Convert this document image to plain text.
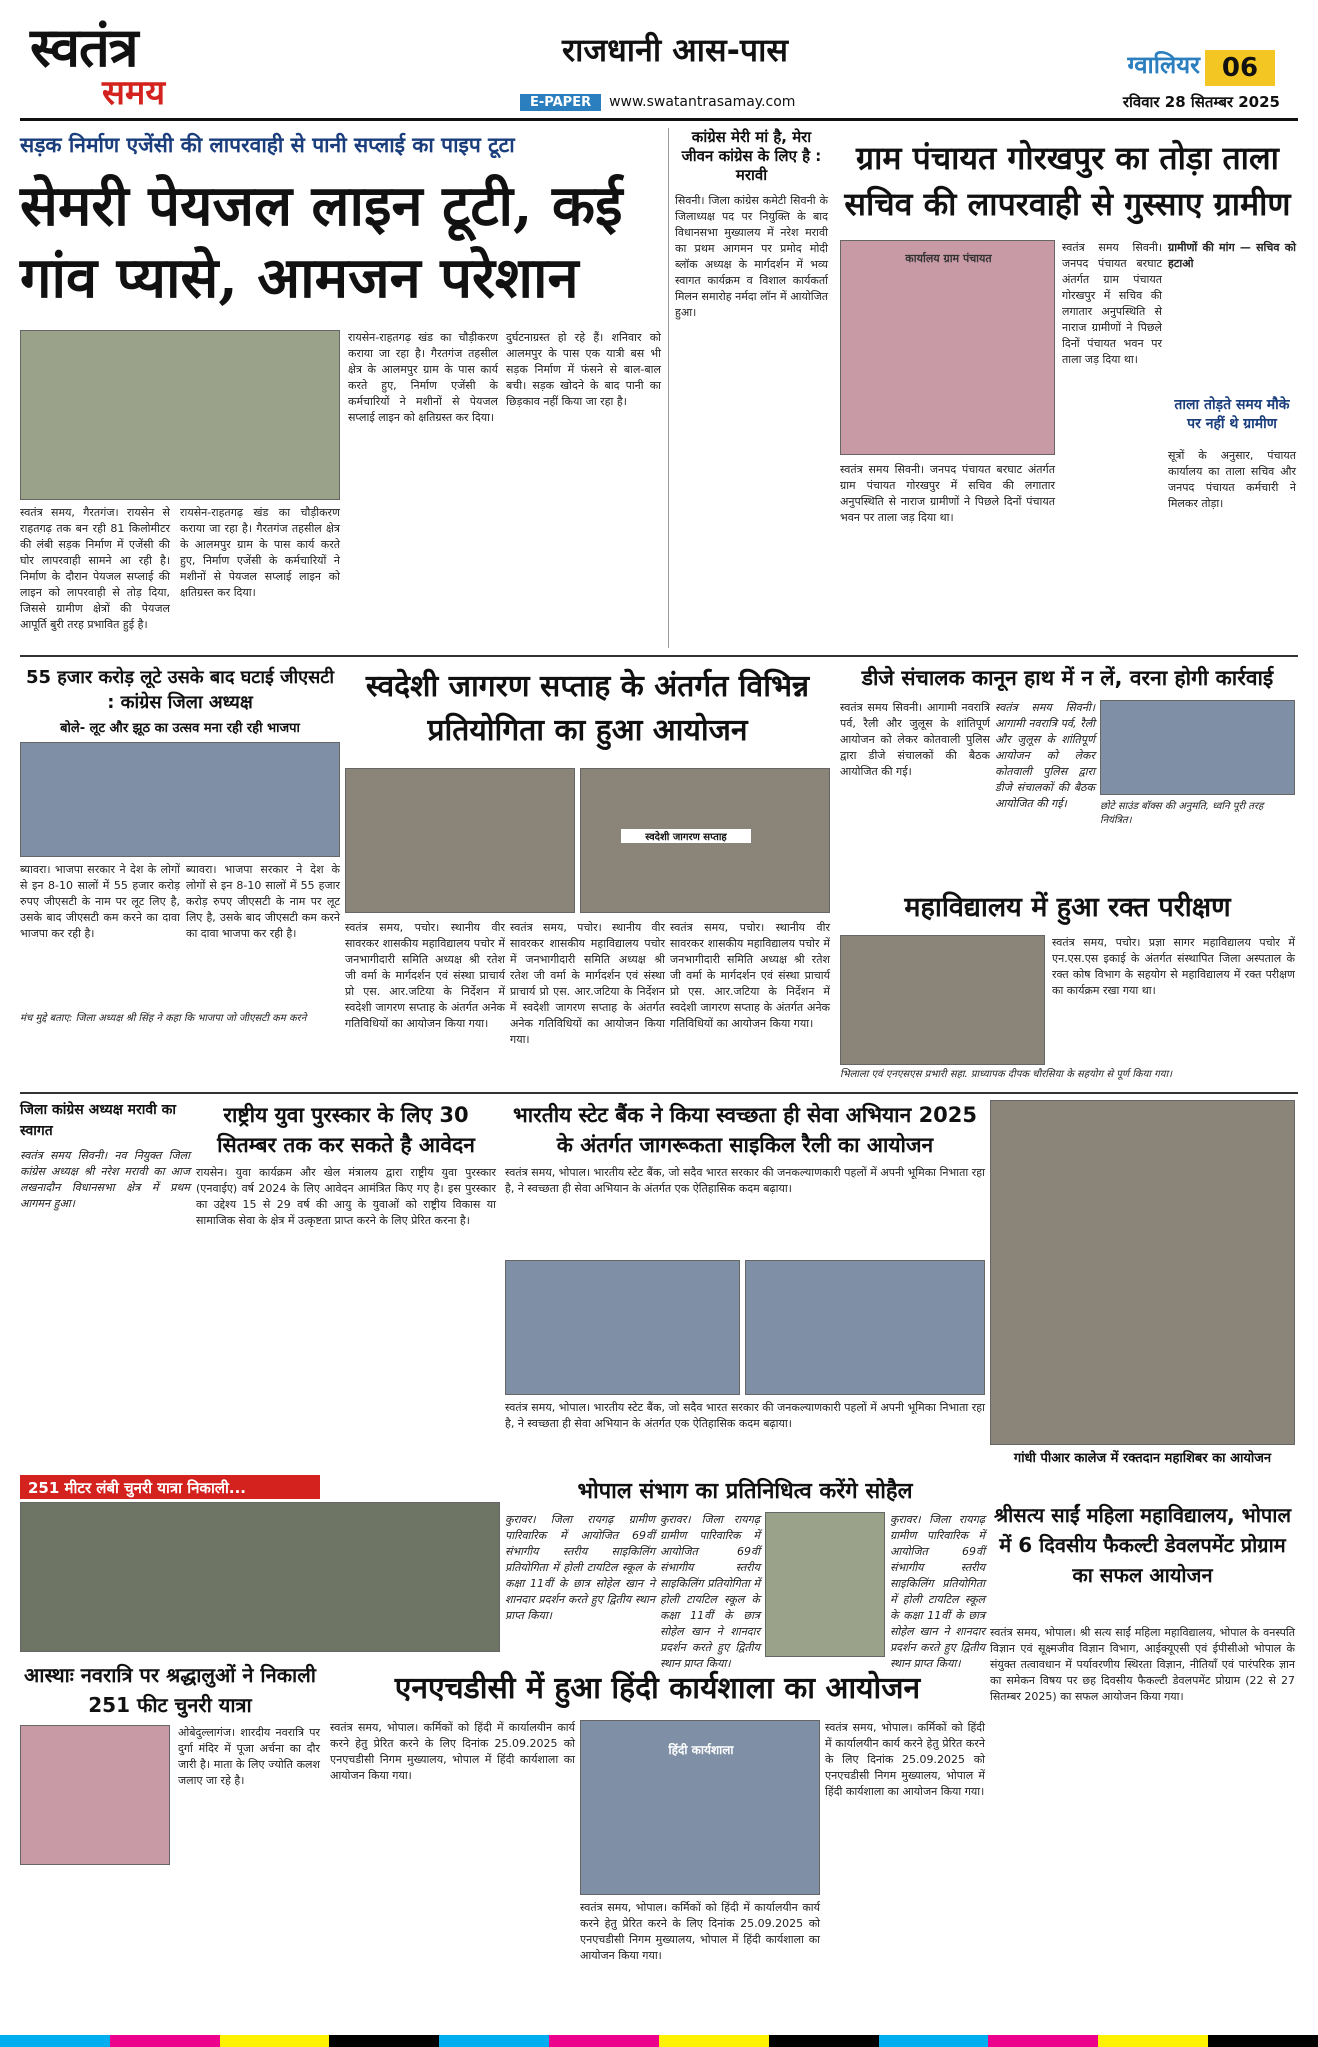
स्वतंत्र
समय
राजधानी आस-पास
E-PAPER	www.swatantrasamay.com
ग्वालियर 06
रविवार 28 सितम्बर 2025
सड़क निर्माण एजेंसी की लापरवाही से पानी सप्लाई का पाइप टूटा
सेमरी पेयजल लाइन टूटी, कई गांव प्यासे, आमजन परेशान
स्वतंत्र समय, गैरतगंज। रायसेन से राहतगढ़ तक बन रही 81 किलोमीटर की लंबी सड़क निर्माण में एजेंसी की घोर लापरवाही सामने आ रही है। निर्माण के दौरान पेयजल सप्लाई की लाइन को लापरवाही से तोड़ दिया, जिससे ग्रामीण क्षेत्रों की पेयजल आपूर्ति बुरी तरह प्रभावित हुई है।
रायसेन-राहतगढ़ खंड का चौड़ीकरण कराया जा रहा है। गैरतगंज तहसील क्षेत्र के आलमपुर ग्राम के पास कार्य करते हुए, निर्माण एजेंसी के कर्मचारियों ने मशीनों से पेयजल सप्लाई लाइन को क्षतिग्रस्त कर दिया।
रायसेन-राहतगढ़ खंड का चौड़ीकरण कराया जा रहा है। गैरतगंज तहसील क्षेत्र के आलमपुर ग्राम के पास कार्य करते हुए, निर्माण एजेंसी के कर्मचारियों ने मशीनों से पेयजल सप्लाई लाइन को क्षतिग्रस्त कर दिया।
दुर्घटनाग्रस्त हो रहे हैं। शनिवार को आलमपुर के पास एक यात्री बस भी सड़क निर्माण में फंसने से बाल-बाल बची। सड़क खोदने के बाद पानी का छिड़काव नहीं किया जा रहा है।
कांग्रेस मेरी मां है, मेरा जीवन कांग्रेस के लिए है : मरावी
सिवनी। जिला कांग्रेस कमेटी सिवनी के जिलाध्यक्ष पद पर नियुक्ति के बाद विधानसभा मुख्यालय में नरेश मरावी का प्रथम आगमन पर प्रमोद मोदी ब्लॉक अध्यक्ष के मार्गदर्शन में भव्य स्वागत कार्यक्रम व विशाल कार्यकर्ता मिलन समारोह नर्मदा लॉन में आयोजित हुआ।
ग्राम पंचायत गोरखपुर का तोड़ा ताला सचिव की लापरवाही से गुस्साए ग्रामीण
कार्यालय ग्राम पंचायत
स्वतंत्र समय सिवनी। जनपद पंचायत बरघाट अंतर्गत ग्राम पंचायत गोरखपुर में सचिव की लगातार अनुपस्थिति से नाराज ग्रामीणों ने पिछले दिनों पंचायत भवन पर ताला जड़ दिया था।
स्वतंत्र समय सिवनी। जनपद पंचायत बरघाट अंतर्गत ग्राम पंचायत गोरखपुर में सचिव की लगातार अनुपस्थिति से नाराज ग्रामीणों ने पिछले दिनों पंचायत भवन पर ताला जड़ दिया था।
ग्रामीणों की मांग — सचिव को हटाओ
ताला तोड़ते समय मौके पर नहीं थे ग्रामीण
सूत्रों के अनुसार, पंचायत कार्यालय का ताला सचिव और जनपद पंचायत कर्मचारी ने मिलकर तोड़ा।
55 हजार करोड़ लूटे उसके बाद घटाई जीएसटी : कांग्रेस जिला अध्यक्ष
बोले- लूट और झूठ का उत्सव मना रही रही भाजपा
ब्यावरा। भाजपा सरकार ने देश के लोगों से इन 8-10 सालों में 55 हजार करोड़ रुपए जीएसटी के नाम पर लूट लिए है, उसके बाद जीएसटी कम करने का दावा भाजपा कर रही है।
ब्यावरा। भाजपा सरकार ने देश के लोगों से इन 8-10 सालों में 55 हजार करोड़ रुपए जीएसटी के नाम पर लूट लिए है, उसके बाद जीएसटी कम करने का दावा भाजपा कर रही है।
मंच मुद्दे बताए: जिला अध्यक्ष श्री सिंह ने कहा कि भाजपा जो जीएसटी कम करने
स्वदेशी जागरण सप्ताह के अंतर्गत विभिन्न प्रतियोगिता का हुआ आयोजन
स्वदेशी जागरण सप्ताह
स्वतंत्र समय, पचोर। स्थानीय वीर सावरकर शासकीय महाविद्यालय पचोर में जनभागीदारी समिति अध्यक्ष श्री रतेश जी वर्मा के मार्गदर्शन एवं संस्था प्राचार्य प्रो एस. आर.जटिया के निर्देशन में स्वदेशी जागरण सप्ताह के अंतर्गत अनेक गतिविधियों का आयोजन किया गया।
स्वतंत्र समय, पचोर। स्थानीय वीर सावरकर शासकीय महाविद्यालय पचोर में जनभागीदारी समिति अध्यक्ष श्री रतेश जी वर्मा के मार्गदर्शन एवं संस्था प्राचार्य प्रो एस. आर.जटिया के निर्देशन में स्वदेशी जागरण सप्ताह के अंतर्गत अनेक गतिविधियों का आयोजन किया गया।
स्वतंत्र समय, पचोर। स्थानीय वीर सावरकर शासकीय महाविद्यालय पचोर में जनभागीदारी समिति अध्यक्ष श्री रतेश जी वर्मा के मार्गदर्शन एवं संस्था प्राचार्य प्रो एस. आर.जटिया के निर्देशन में स्वदेशी जागरण सप्ताह के अंतर्गत अनेक गतिविधियों का आयोजन किया गया।
डीजे संचालक कानून हाथ में न लें, वरना होगी कार्रवाई
स्वतंत्र समय सिवनी। आगामी नवरात्रि पर्व, रैली और जुलूस के शांतिपूर्ण आयोजन को लेकर कोतवाली पुलिस द्वारा डीजे संचालकों की बैठक आयोजित की गई।
स्वतंत्र समय सिवनी। आगामी नवरात्रि पर्व, रैली और जुलूस के शांतिपूर्ण आयोजन को लेकर कोतवाली पुलिस द्वारा डीजे संचालकों की बैठक आयोजित की गई।	छोटे साउंड बॉक्स की अनुमति, ध्वनि पूरी तरह नियंत्रित।
महाविद्यालय में हुआ रक्त परीक्षण
स्वतंत्र समय, पचोर। प्रज्ञा सागर महाविद्यालय पचोर में एन.एस.एस इकाई के अंतर्गत संस्थापित जिला अस्पताल के रक्त कोष विभाग के सहयोग से महाविद्यालय में रक्त परीक्षण का कार्यक्रम रखा गया था।
भिलाला एवं एनएसएस प्रभारी सहा. प्राध्यापक दीपक चौरसिया के सहयोग से पूर्ण किया गया।
जिला कांग्रेस अध्यक्ष मरावी का स्वागत
स्वतंत्र समय सिवनी। नव नियुक्त जिला कांग्रेस अध्यक्ष श्री नरेश मरावी का आज लखनादौन विधानसभा क्षेत्र में प्रथम आगमन हुआ।
राष्ट्रीय युवा पुरस्कार के लिए 30 सितम्बर तक कर सकते है आवेदन
रायसेन। युवा कार्यक्रम और खेल मंत्रालय द्वारा राष्ट्रीय युवा पुरस्कार (एनवाईए) वर्ष 2024 के लिए आवेदन आमंत्रित किए गए है। इस पुरस्कार का उद्देश्य 15 से 29 वर्ष की आयु के युवाओं को राष्ट्रीय विकास या सामाजिक सेवा के क्षेत्र में उत्कृष्टता प्राप्त करने के लिए प्रेरित करना है।
भारतीय स्टेट बैंक ने किया स्वच्छता ही सेवा अभियान 2025 के अंतर्गत जागरूकता साइकिल रैली का आयोजन
स्वतंत्र समय, भोपाल। भारतीय स्टेट बैंक, जो सदैव भारत सरकार की जनकल्याणकारी पहलों में अपनी भूमिका निभाता रहा है, ने स्वच्छता ही सेवा अभियान के अंतर्गत एक ऐतिहासिक कदम बढ़ाया।
स्वतंत्र समय, भोपाल। भारतीय स्टेट बैंक, जो सदैव भारत सरकार की जनकल्याणकारी पहलों में अपनी भूमिका निभाता रहा है, ने स्वच्छता ही सेवा अभियान के अंतर्गत एक ऐतिहासिक कदम बढ़ाया।
गांधी पीआर कालेज में रक्तदान महाशिबर का आयोजन
251 मीटर लंबी चुनरी यात्रा निकाली...
आस्थाः नवरात्रि पर श्रद्धालुओं ने निकाली 251 फीट चुनरी यात्रा
ओबेदुल्लागंज। शारदीय नवरात्रि पर दुर्गा मंदिर में पूजा अर्चना का दौर जारी है। माता के लिए ज्योति कलश जलाए जा रहे है।
भोपाल संभाग का प्रतिनिधित्व करेंगे सोहैल
कुरावर। जिला रायगढ़ ग्रामीण पारिवारिक में आयोजित 69वीं संभागीय स्तरीय साइकिलिंग प्रतियोगिता में होली टायटिल स्कूल के कक्षा 11वीं के छात्र सोहेल खान ने शानदार प्रदर्शन करते हुए द्वितीय स्थान प्राप्त किया।
कुरावर। जिला रायगढ़ ग्रामीण पारिवारिक में आयोजित 69वीं संभागीय स्तरीय साइकिलिंग प्रतियोगिता में होली टायटिल स्कूल के कक्षा 11वीं के छात्र सोहेल खान ने शानदार प्रदर्शन करते हुए द्वितीय स्थान प्राप्त किया।
कुरावर। जिला रायगढ़ ग्रामीण पारिवारिक में आयोजित 69वीं संभागीय स्तरीय साइकिलिंग प्रतियोगिता में होली टायटिल स्कूल के कक्षा 11वीं के छात्र सोहेल खान ने शानदार प्रदर्शन करते हुए द्वितीय स्थान प्राप्त किया।
श्रीसत्य साईं महिला महाविद्यालय, भोपाल में 6 दिवसीय फैकल्टी डेवलपमेंट प्रोग्राम का सफल आयोजन
स्वतंत्र समय, भोपाल। श्री सत्य साईं महिला महाविद्यालय, भोपाल के वनस्पति विज्ञान एवं सूक्ष्मजीव विज्ञान विभाग, आईक्यूएसी एवं ईपीसीओ भोपाल के संयुक्त तत्वावधान में पर्यावरणीय स्थिरता विज्ञान, नीतियाँ एवं पारंपरिक ज्ञान का समेकन विषय पर छह दिवसीय फैकल्टी डेवलपमेंट प्रोग्राम (22 से 27 सितम्बर 2025) का सफल आयोजन किया गया।
एनएचडीसी में हुआ हिंदी कार्यशाला का आयोजन
स्वतंत्र समय, भोपाल। कर्मिकों को हिंदी में कार्यालयीन कार्य करने हेतु प्रेरित करने के लिए दिनांक 25.09.2025 को एनएचडीसी निगम मुख्यालय, भोपाल में हिंदी कार्यशाला का आयोजन किया गया।
हिंदी कार्यशाला
स्वतंत्र समय, भोपाल। कर्मिकों को हिंदी में कार्यालयीन कार्य करने हेतु प्रेरित करने के लिए दिनांक 25.09.2025 को एनएचडीसी निगम मुख्यालय, भोपाल में हिंदी कार्यशाला का आयोजन किया गया।
स्वतंत्र समय, भोपाल। कर्मिकों को हिंदी में कार्यालयीन कार्य करने हेतु प्रेरित करने के लिए दिनांक 25.09.2025 को एनएचडीसी निगम मुख्यालय, भोपाल में हिंदी कार्यशाला का आयोजन किया गया।
